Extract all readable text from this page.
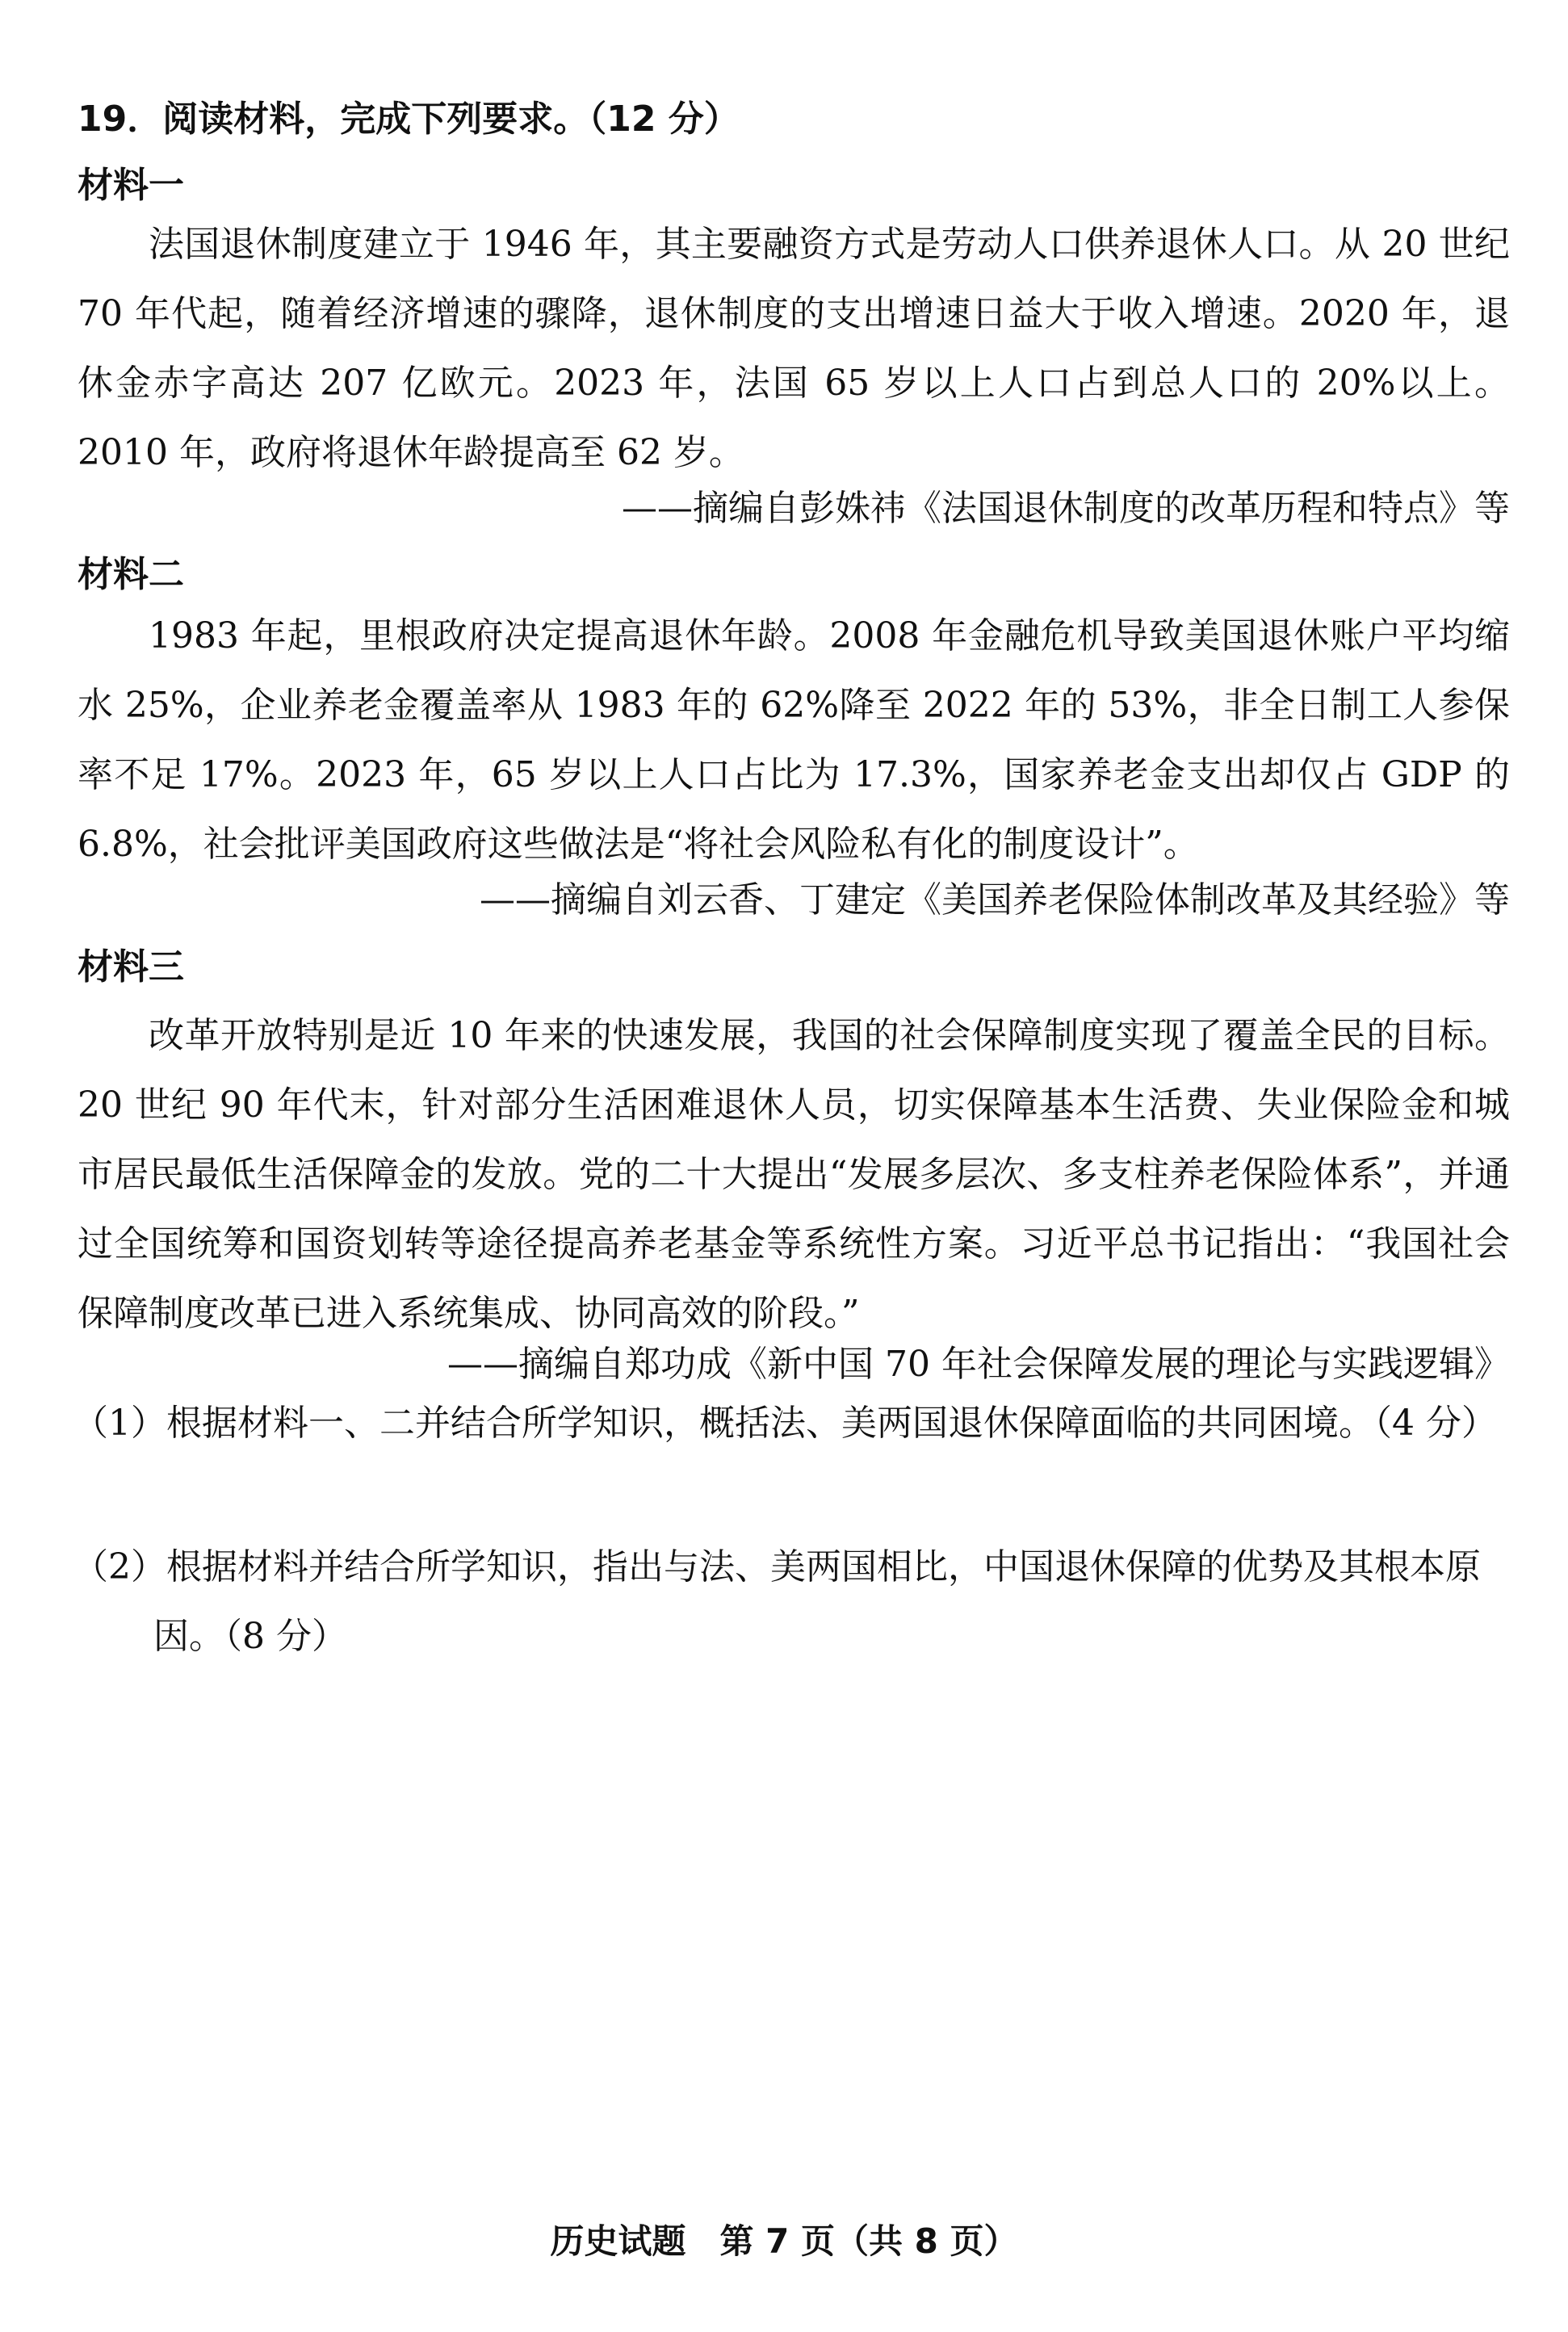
19．阅读材料，完成下列要求。（12 分）
材料一
法国退休制度建立于 1946 年，其主要融资方式是劳动人口供养退休人口。从 20 世纪 70 年代起，随着经济增速的骤降，退休制度的支出增速日益大于收入增速。2020 年，退休金赤字高达 207 亿欧元。2023 年，法国 65 岁以上人口占到总人口的 20%以上。2010 年，政府将退休年龄提高至 62 岁。
——摘编自彭姝祎《法国退休制度的改革历程和特点》等
材料二
1983 年起，里根政府决定提高退休年龄。2008 年金融危机导致美国退休账户平均缩水 25%，企业养老金覆盖率从 1983 年的 62%降至 2022 年的 53%，非全日制工人参保率不足 17%。2023 年，65 岁以上人口占比为 17.3%，国家养老金支出却仅占 GDP 的 6.8%，社会批评美国政府这些做法是“将社会风险私有化的制度设计”。
——摘编自刘云香、丁建定《美国养老保险体制改革及其经验》等
材料三
改革开放特别是近 10 年来的快速发展，我国的社会保障制度实现了覆盖全民的目标。20 世纪 90 年代末，针对部分生活困难退休人员，切实保障基本生活费、失业保险金和城市居民最低生活保障金的发放。党的二十大提出“发展多层次、多支柱养老保险体系”，并通过全国统筹和国资划转等途径提高养老基金等系统性方案。习近平总书记指出：“我国社会保障制度改革已进入系统集成、协同高效的阶段。”
——摘编自郑功成《新中国 70 年社会保障发展的理论与实践逻辑》
（1）根据材料一、二并结合所学知识，概括法、美两国退休保障面临的共同困境。（4 分）
（2）根据材料并结合所学知识，指出与法、美两国相比，中国退休保障的优势及其根本原因。（8 分）
历史试题　第 7 页（共 8 页）
